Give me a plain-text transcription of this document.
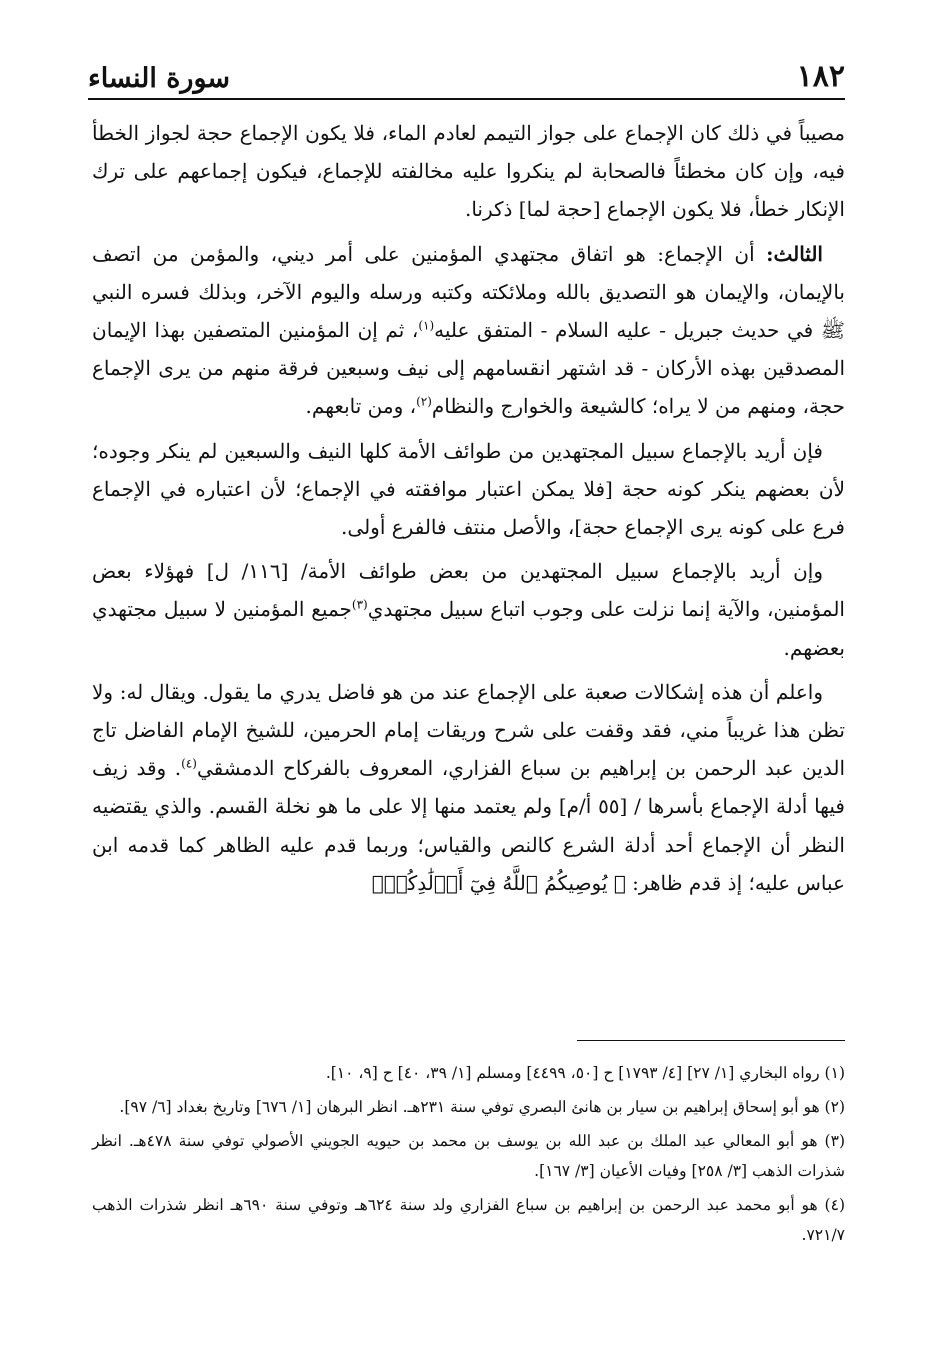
١٨٢
سورة النساء

مصيباً في ذلك كان الإجماع على جواز التيمم لعادم الماء، فلا يكون الإجماع حجة لجواز الخطأ فيه، وإن كان مخطئاً فالصحابة لم ينكروا عليه مخالفته للإجماع، فيكون إجماعهم على ترك الإنكار خطأ، فلا يكون الإجماع [حجة لما] ذكرنا.

الثالث: أن الإجماع: هو اتفاق مجتهدي المؤمنين على أمر ديني، والمؤمن من اتصف بالإيمان، والإيمان هو التصديق بالله وملائكته وكتبه ورسله واليوم الآخر، وبذلك فسره النبي ﷺ في حديث جبريل - عليه السلام - المتفق عليه$^{(١)}$، ثم إن المؤمنين المتصفين بهذا الإيمان المصدقين بهذه الأركان - قد اشتهر انقسامهم إلى نيف وسبعين فرقة منهم من يرى الإجماع حجة، ومنهم من لا يراه؛ كالشيعة والخوارج والنظام$^{(٢)}$، ومن تابعهم.

فإن أريد بالإجماع سبيل المجتهدين من طوائف الأمة كلها النيف والسبعين لم ينكر وجوده؛ لأن بعضهم ينكر كونه حجة [فلا يمكن اعتبار موافقته في الإجماع؛ لأن اعتباره في الإجماع فرع على كونه يرى الإجماع حجة]، والأصل منتف فالفرع أولى.

وإن أريد بالإجماع سبيل المجتهدين من بعض طوائف الأمة/ [١١٦/ ل] فهؤلاء بعض المؤمنين، والآية إنما نزلت على وجوب اتباع سبيل مجتهدي$^{(٣)}$جميع المؤمنين لا سبيل مجتهدي بعضهم.

واعلم أن هذه إشكالات صعبة على الإجماع عند من هو فاضل يدري ما يقول. ويقال له: ولا تظن هذا غريباً مني، فقد وقفت على شرح وريقات إمام الحرمين، للشيخ الإمام الفاضل تاج الدين عبد الرحمن بن إبراهيم بن سباع الفزاري، المعروف بالفركاح الدمشقي$^{(٤)}$. وقد زيف فيها أدلة الإجماع بأسرها / [٥٥ أ/م] ولم يعتمد منها إلا على ما هو نخلة القسم. والذي يقتضيه النظر أن الإجماع أحد أدلة الشرع كالنص والقياس؛ وربما قدم عليه الظاهر كما قدمه ابن عباس عليه؛ إذ قدم ظاهر: ﴿ يُوصِيكُمُ ٱللَّهُ فِيٓ أَوۡلَٰدِكُمۡۖ

(١) رواه البخاري [١/ ٢٧] [٤/ ١٧٩٣] ح [٥٠، ٤٤٩٩] ومسلم [١/ ٣٩، ٤٠] ح [٩، ١٠].

(٢) هو أبو إسحاق إبراهيم بن سيار بن هانئ البصري توفي سنة ٢٣١هـ. انظر البرهان [١/ ٦٧٦] وتاريخ بغداد [٦/ ٩٧].

(٣) هو أبو المعالي عبد الملك بن عبد الله بن يوسف بن محمد بن حيويه الجويني الأصولي توفي سنة ٤٧٨هـ. انظر شذرات الذهب [٣/ ٢٥٨] وفيات الأعيان [٣/ ١٦٧].

(٤) هو أبو محمد عبد الرحمن بن إبراهيم بن سباع الفزاري ولد سنة ٦٢٤هـ وتوفي سنة ٦٩٠هـ انظر شذرات الذهب ٧٢١/٧.
